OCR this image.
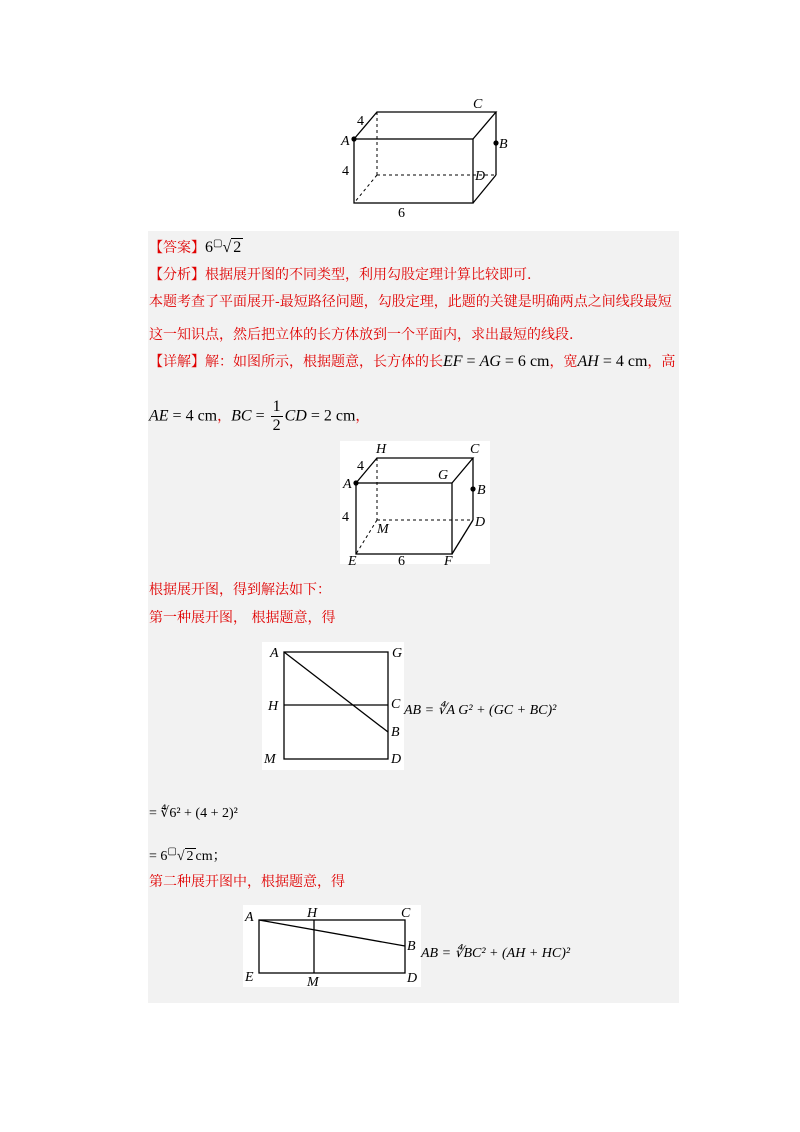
A	B
C
D
4
4
6
【答案】6▢√ 2
【分析】根据展开图的不同类型，利用勾股定理计算比较即可.
本题考查了平面展开-最短路径问题，勾股定理，此题的关键是明确两点之间线段最短
这一知识点，然后把立体的长方体放到一个平面内，求出最短的线段.
【详解】解：如图所示，根据题意，长方体的长EF = AG = 6 cm，宽AH = 4 cm，高
AE = 4 cm，BC = $\frac{1}{2}$ CD = 2 cm，
H	C
A
G
B
D
M
E	F
4
4
6
根据展开图，得到解法如下：
第一种展开图， 根据题意，得
A	G
H	C
B
M	D
AB = ∜A G² + (GC + BC)²
= ∜6² + (4 + 2)²
= 6▢√ 2 cm；
第二种展开图中，根据题意，得
A	H	C
B
E	M	D
AB = ∜BC² + (AH + HC)²
